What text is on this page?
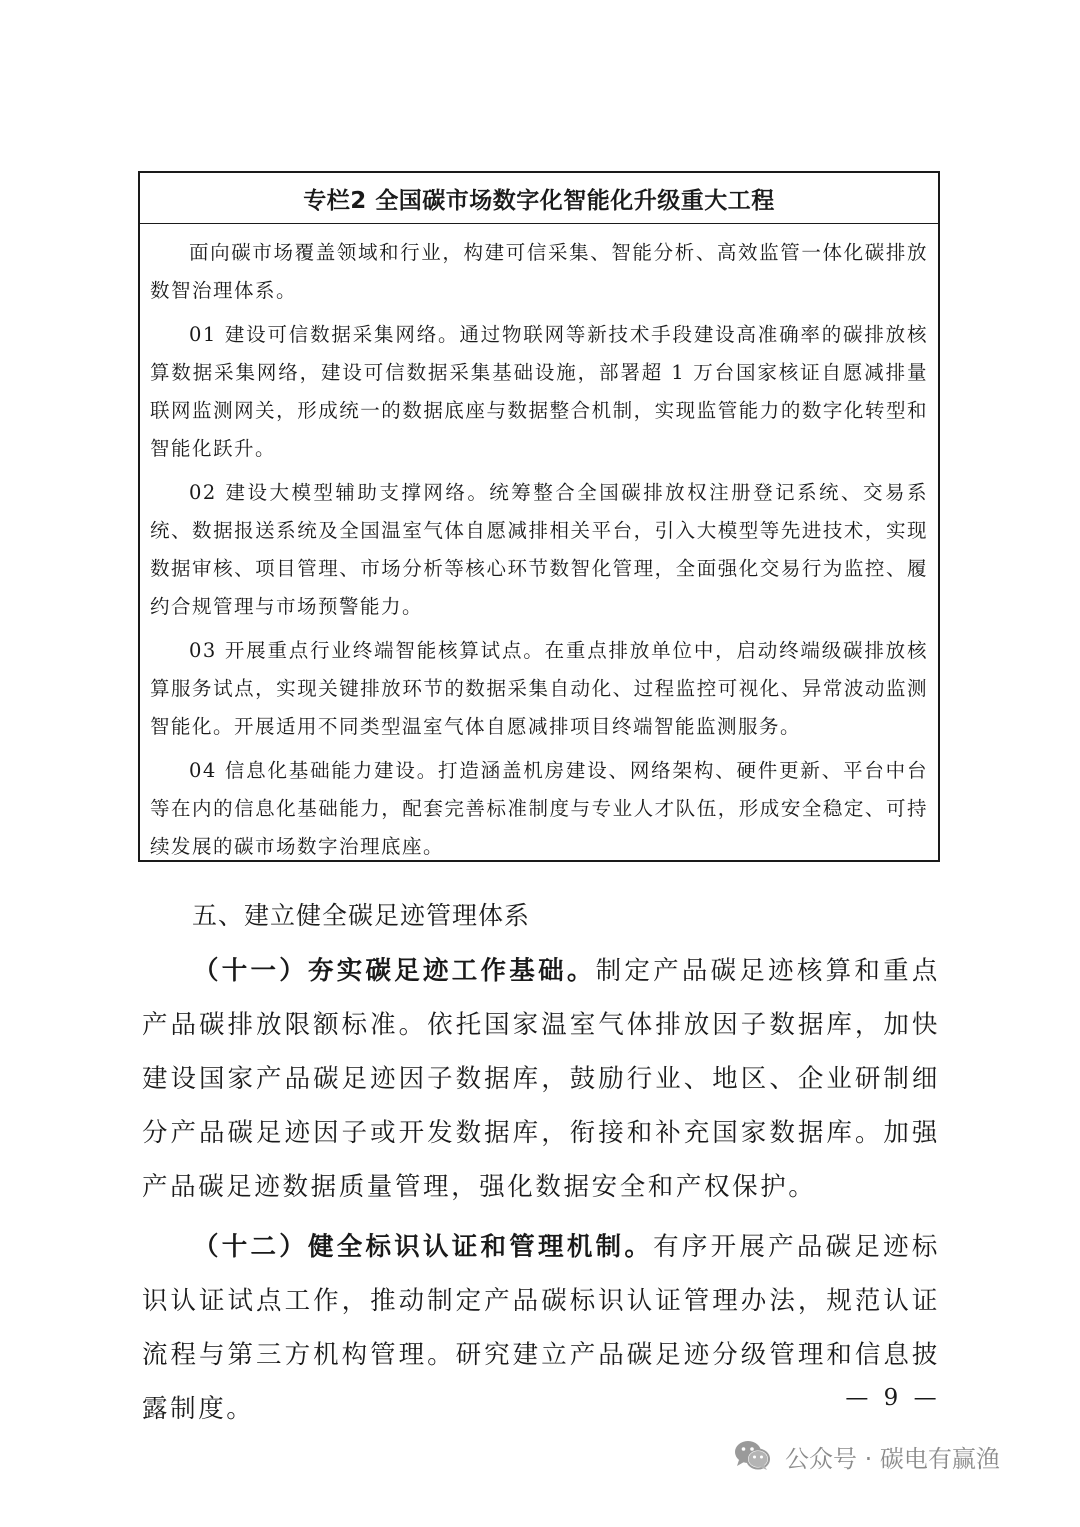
专栏2 全国碳市场数字化智能化升级重大工程

面向碳市场覆盖领域和行业，构建可信采集、智能分析、高效监管一体化碳排放数智治理体系。

01 建设可信数据采集网络。通过物联网等新技术手段建设高准确率的碳排放核算数据采集网络，建设可信数据采集基础设施，部署超 1 万台国家核证自愿减排量联网监测网关，形成统一的数据底座与数据整合机制，实现监管能力的数字化转型和智能化跃升。

02 建设大模型辅助支撑网络。统筹整合全国碳排放权注册登记系统、交易系统、数据报送系统及全国温室气体自愿减排相关平台，引入大模型等先进技术，实现数据审核、项目管理、市场分析等核心环节数智化管理，全面强化交易行为监控、履约合规管理与市场预警能力。

03 开展重点行业终端智能核算试点。在重点排放单位中，启动终端级碳排放核算服务试点，实现关键排放环节的数据采集自动化、过程监控可视化、异常波动监测智能化。开展适用不同类型温室气体自愿减排项目终端智能监测服务。

04 信息化基础能力建设。打造涵盖机房建设、网络架构、硬件更新、平台中台等在内的信息化基础能力，配套完善标准制度与专业人才队伍，形成安全稳定、可持续发展的碳市场数字治理底座。

五、建立健全碳足迹管理体系

（十一）夯实碳足迹工作基础。制定产品碳足迹核算和重点产品碳排放限额标准。依托国家温室气体排放因子数据库，加快建设国家产品碳足迹因子数据库，鼓励行业、地区、企业研制细分产品碳足迹因子或开发数据库，衔接和补充国家数据库。加强产品碳足迹数据质量管理，强化数据安全和产权保护。

（十二）健全标识认证和管理机制。有序开展产品碳足迹标识认证试点工作，推动制定产品碳标识认证管理办法，规范认证流程与第三方机构管理。研究建立产品碳足迹分级管理和信息披露制度。	— 9 —
公众号 · 碳电有赢渔
